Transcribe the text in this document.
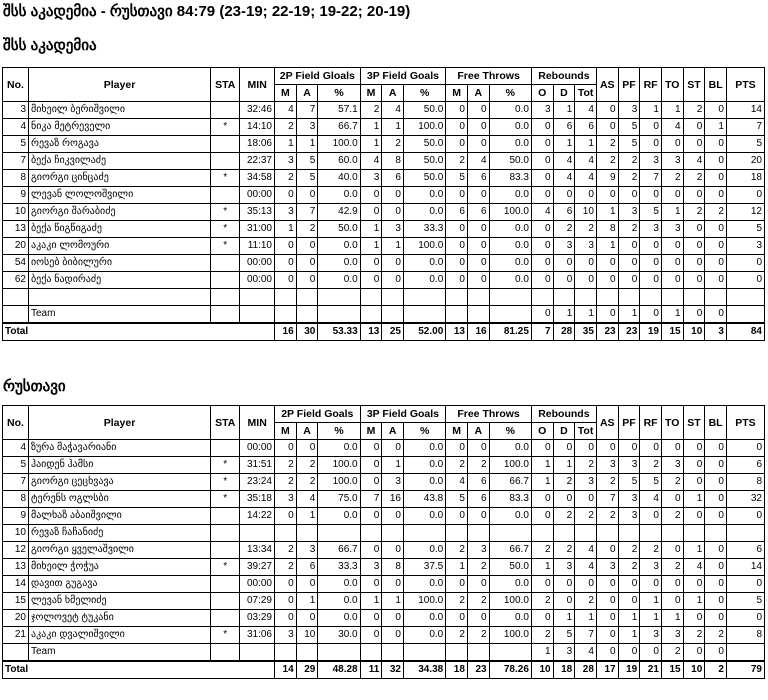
შსს აკადემია - რუსთავი 84:79 (23-19; 22-19; 19-22; 20-19)
შსს აკადემია
No.	Player	STA	MIN	2P Field Gloals			3P Field Goals			Free Throws			Rebounds			AS	PF	RF	TO	ST	BL	PTS
				M	A	%	M	A	%	M	A	%	O	D	Tot							
3	მიხეილ ბერიშვილი		32:46	4	7	57.1	2	4	50.0	0	0	0.0	3	1	4	0	3	1	1	2	0	14
4	ნიკა მეტრეველი	*	14:10	2	3	66.7	1	1	100.0	0	0	0.0	0	6	6	0	5	0	4	0	1	7
5	რევაზ როგავა		18:06	1	1	100.0	1	2	50.0	0	0	0.0	0	1	1	2	5	0	0	0	0	5
7	ბექა ჩიკვილაძე		22:37	3	5	60.0	4	8	50.0	2	4	50.0	0	4	4	2	2	3	3	4	0	20
8	გიორგი ცინცაძე	*	34:58	2	5	40.0	3	6	50.0	5	6	83.3	0	4	4	9	2	7	2	2	0	18
9	ლევან ლოლოშვილი		00:00	0	0	0.0	0	0	0.0	0	0	0.0	0	0	0	0	0	0	0	0	0	0
10	გიორგი შარაბიძე	*	35:13	3	7	42.9	0	0	0.0	6	6	100.0	4	6	10	1	3	5	1	2	2	12
13	ბექა წიგწიგაძე	*	31:00	1	2	50.0	1	3	33.3	0	0	0.0	0	2	2	8	2	3	3	0	0	5
20	აკაკი ლომოური	*	11:10	0	0	0.0	1	1	100.0	0	0	0.0	0	3	3	1	0	0	0	0	0	3
54	იოსებ ბიბილური		00:00	0	0	0.0	0	0	0.0	0	0	0.0	0	0	0	0	0	0	0	0	0	0
62	ბექა ნადირაძე		00:00	0	0	0.0	0	0	0.0	0	0	0.0	0	0	0	0	0	0	0	0	0	0

	Team												0	1	1	0	1	0	1	0	0	
Total				16	30	53.33	13	25	52.00	13	16	81.25	7	28	35	23	23	19	15	10	3	84
რუსთავი
No.	Player	STA	MIN	2P Field Goals			3P Field Goals			Free Throws			Rebounds			AS	PF	RF	TO	ST	BL	PTS
				M	A	%	M	A	%	M	A	%	O	D	Tot							
4	ზურა მაჭავარიანი		00:00	0	0	0.0	0	0	0.0	0	0	0.0	0	0	0	0	0	0	0	0	0	0
5	ჰაიდენ ჰამსი	*	31:51	2	2	100.0	0	1	0.0	2	2	100.0	1	1	2	3	3	2	3	0	0	6
7	გიორგი ცეცხვავა	*	23:24	2	2	100.0	0	3	0.0	4	6	66.7	1	2	3	2	5	5	2	0	0	8
8	ტერენს ოგლსბი	*	35:18	3	4	75.0	7	16	43.8	5	6	83.3	0	0	0	7	3	4	0	1	0	32
9	მალხაზ აბაიშვილი		14:22	0	1	0.0	0	0	0.0	0	0	0.0	0	2	2	2	3	0	2	0	0	0
10	რევაზ ჩაჩანიძე																					
12	გიორგი ყველაშვილი		13:34	2	3	66.7	0	0	0.0	2	3	66.7	2	2	4	0	2	2	0	1	0	6
13	მიხეილ ჭოჭუა	*	39:27	2	6	33.3	3	8	37.5	1	2	50.0	1	3	4	3	2	3	2	4	0	14
14	დავით გუგავა		00:00	0	0	0.0	0	0	0.0	0	0	0.0	0	0	0	0	0	0	0	0	0	0
15	ლევან ხმელიძე		07:29	0	1	0.0	1	1	100.0	2	2	100.0	2	0	2	0	0	1	0	1	0	5
20	ჯოლოვეტ ტუკანი		03:29	0	0	0.0	0	0	0.0	0	0	0.0	0	1	1	0	1	1	1	0	0	0
21	აკაკი დვალიშვილი	*	31:06	3	10	30.0	0	0	0.0	2	2	100.0	2	5	7	0	1	3	3	2	2	8
	Team												1	3	4	0	0	0	2	0	0	
Total				14	29	48.28	11	32	34.38	18	23	78.26	10	18	28	17	19	21	15	10	2	79
